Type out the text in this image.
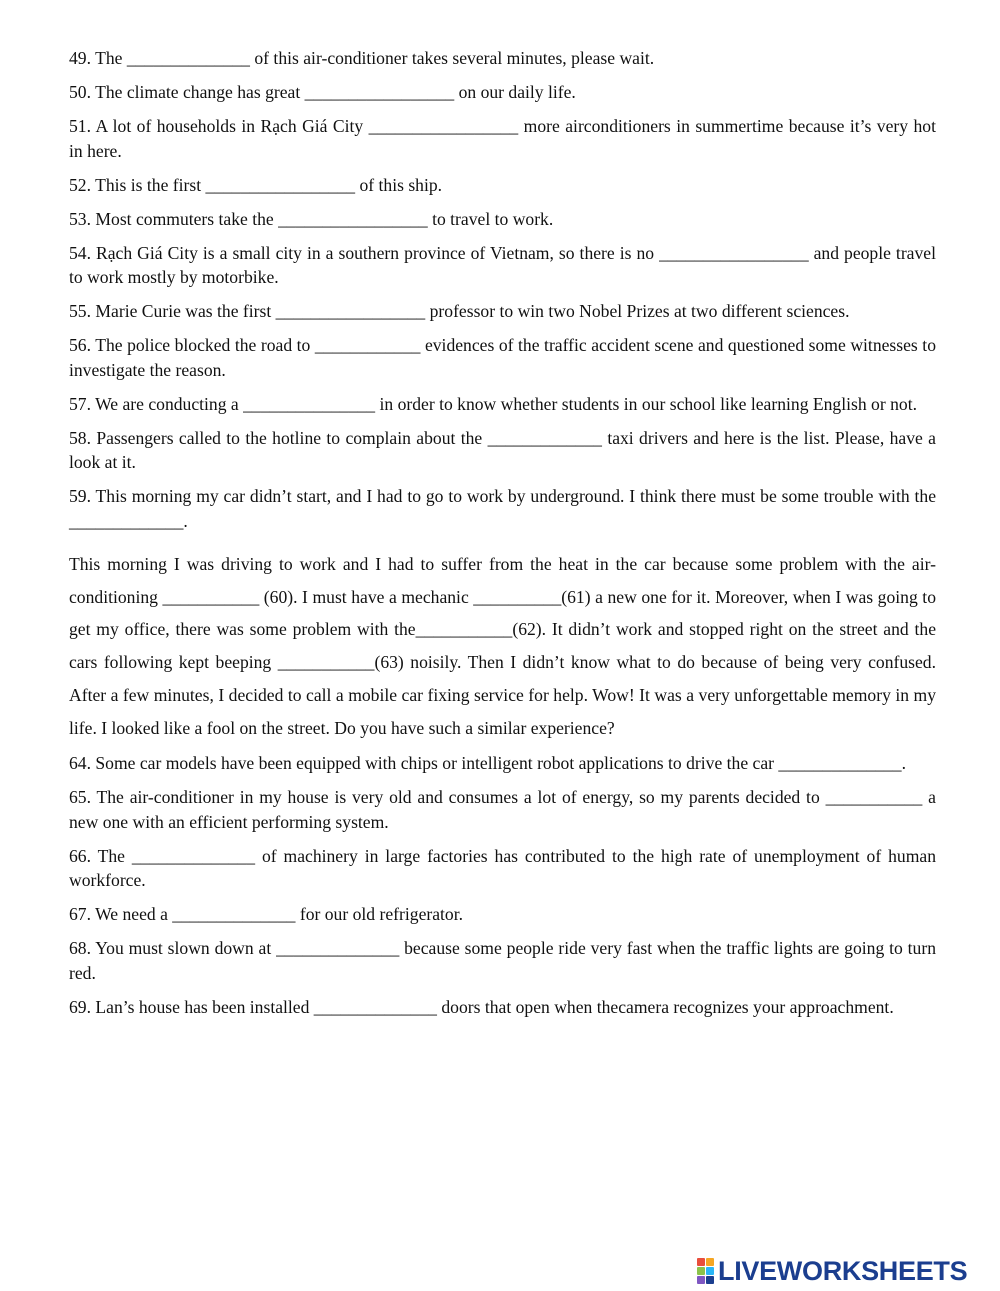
49. The ______________ of this air-conditioner takes several minutes, please wait.

50. The climate change has great _________________ on our daily life.

51. A lot of households in Rạch Giá City _________________ more airconditioners in summertime because it’s very hot in here.

52. This is the first _________________ of this ship.

53. Most commuters take the _________________ to travel to work.

54. Rạch Giá City is a small city in a southern province of Vietnam, so there is no _________________ and people travel to work mostly by motorbike.

55. Marie Curie was the first _________________ professor to win two Nobel Prizes at two different sciences.

56. The police blocked the road to ____________ evidences of the traffic accident scene and questioned some witnesses to investigate the reason.

57. We are conducting a _______________ in order to know whether students in our school like learning English or not.

58. Passengers called to the hotline to complain about the _____________ taxi drivers and here is the list. Please, have a look at it.

59. This morning my car didn’t start, and I had to go to work by underground. I think there must be some trouble with the _____________.

This morning I was driving to work and I had to suffer from the heat in the car because some problem with the air-conditioning ___________ (60). I must have a mechanic __________(61) a new one for it. Moreover, when I was going to get my office, there was some problem with the___________(62). It didn’t work and stopped right on the street and the cars following kept beeping ___________(63) noisily. Then I didn’t know what to do because of being very confused. After a few minutes, I decided to call a mobile car fixing service for help. Wow! It was a very unforgettable memory in my life. I looked like a fool on the street. Do you have such a similar experience?

64. Some car models have been equipped with chips or intelligent robot applications to drive the car ______________.

65. The air-conditioner in my house is very old and consumes a lot of energy, so my parents decided to ___________ a new one with an efficient performing system.

66. The ______________ of machinery in large factories has contributed to the high rate of unemployment of human workforce.

67. We need a ______________ for our old refrigerator.

68. You must slown down at ______________ because some people ride very fast when the traffic lights are going to turn red.

69. Lan’s house has been installed ______________ doors that open when thecamera recognizes your approachment.

LIVEWORKSHEETS
